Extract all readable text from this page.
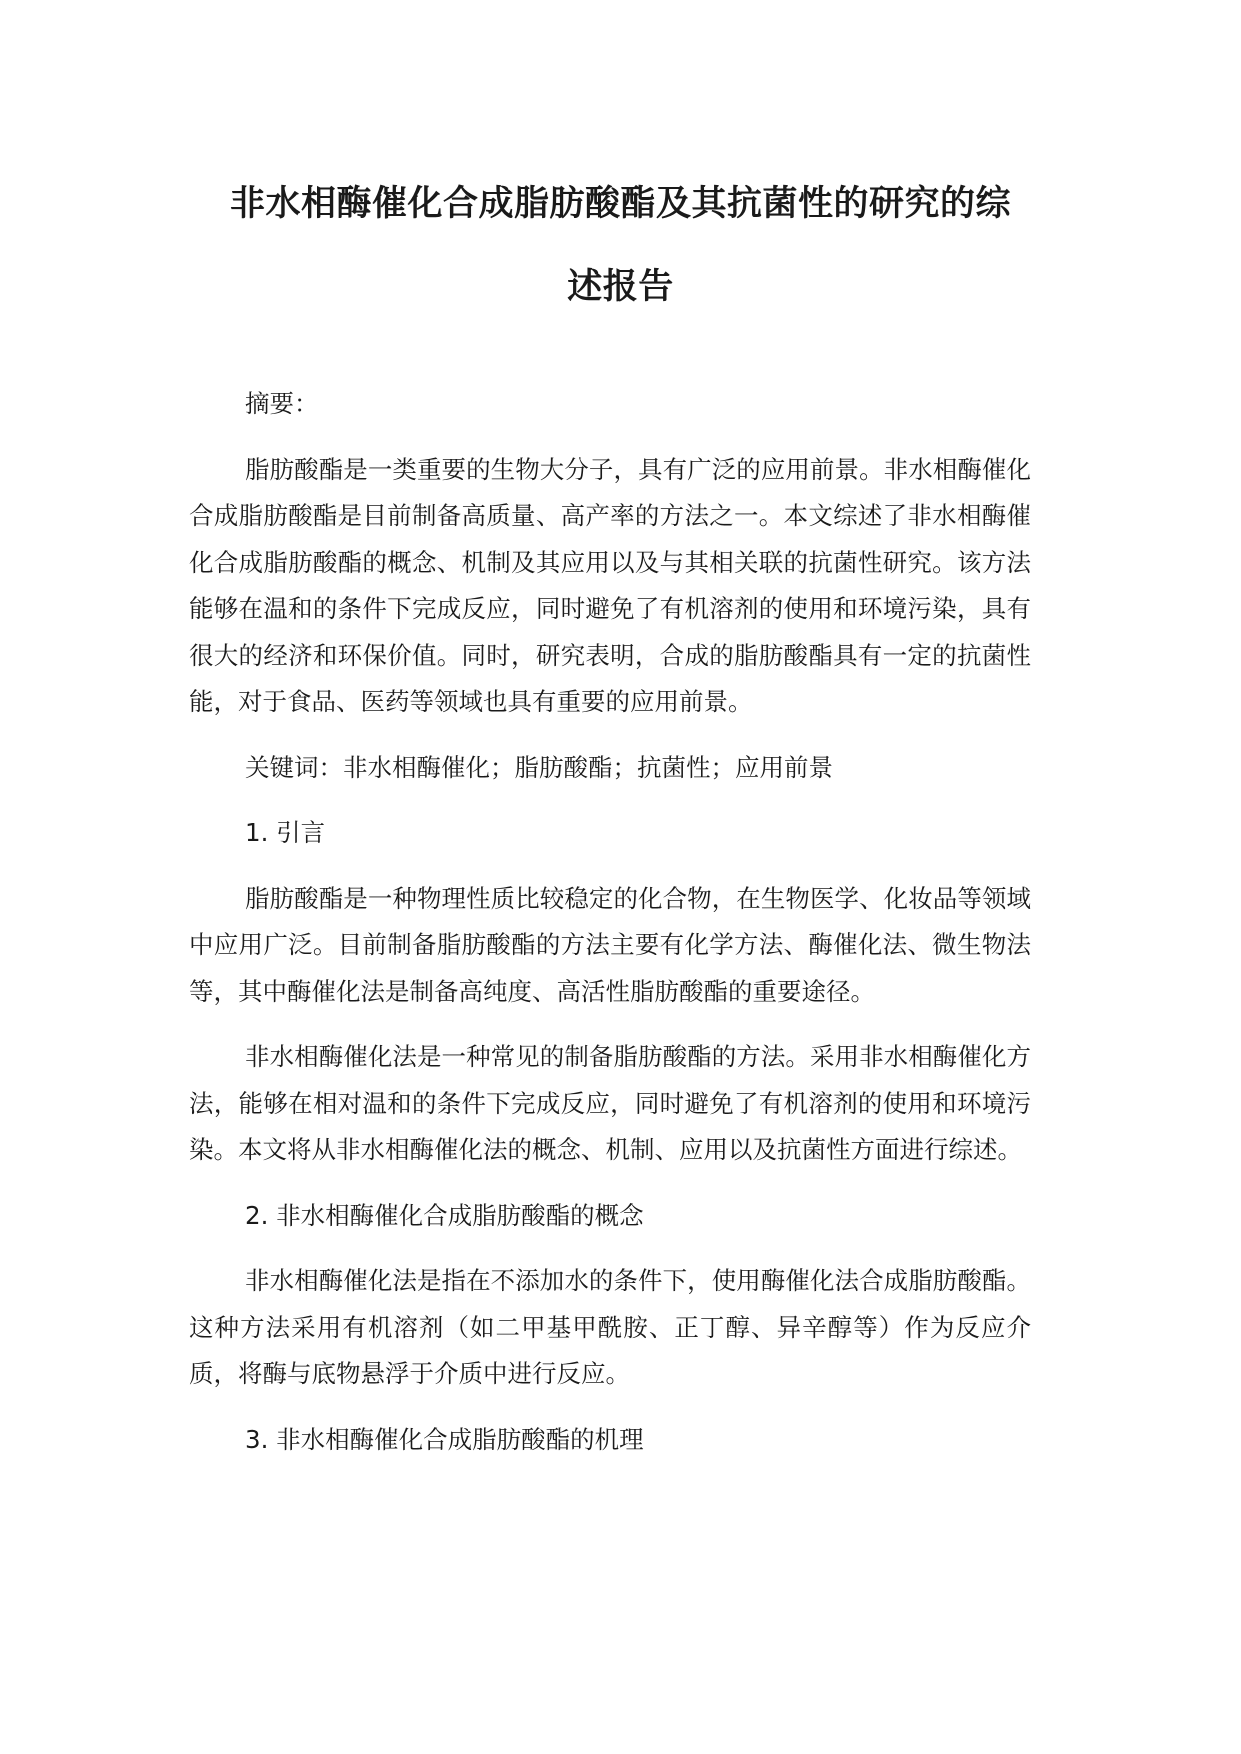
非水相酶催化合成脂肪酸酯及其抗菌性的研究的综
述报告

摘要：

脂肪酸酯是一类重要的生物大分子，具有广泛的应用前景。非水相酶催化合成脂肪酸酯是目前制备高质量、高产率的方法之一。本文综述了非水相酶催化合成脂肪酸酯的概念、机制及其应用以及与其相关联的抗菌性研究。该方法能够在温和的条件下完成反应，同时避免了有机溶剂的使用和环境污染，具有很大的经济和环保价值。同时，研究表明，合成的脂肪酸酯具有一定的抗菌性能，对于食品、医药等领域也具有重要的应用前景。

关键词：非水相酶催化；脂肪酸酯；抗菌性；应用前景

1. 引言

脂肪酸酯是一种物理性质比较稳定的化合物，在生物医学、化妆品等领域中应用广泛。目前制备脂肪酸酯的方法主要有化学方法、酶催化法、微生物法等，其中酶催化法是制备高纯度、高活性脂肪酸酯的重要途径。

非水相酶催化法是一种常见的制备脂肪酸酯的方法。采用非水相酶催化方法，能够在相对温和的条件下完成反应，同时避免了有机溶剂的使用和环境污染。本文将从非水相酶催化法的概念、机制、应用以及抗菌性方面进行综述。

2. 非水相酶催化合成脂肪酸酯的概念

非水相酶催化法是指在不添加水的条件下，使用酶催化法合成脂肪酸酯。这种方法采用有机溶剂（如二甲基甲酰胺、正丁醇、异辛醇等）作为反应介质，将酶与底物悬浮于介质中进行反应。

3. 非水相酶催化合成脂肪酸酯的机理
